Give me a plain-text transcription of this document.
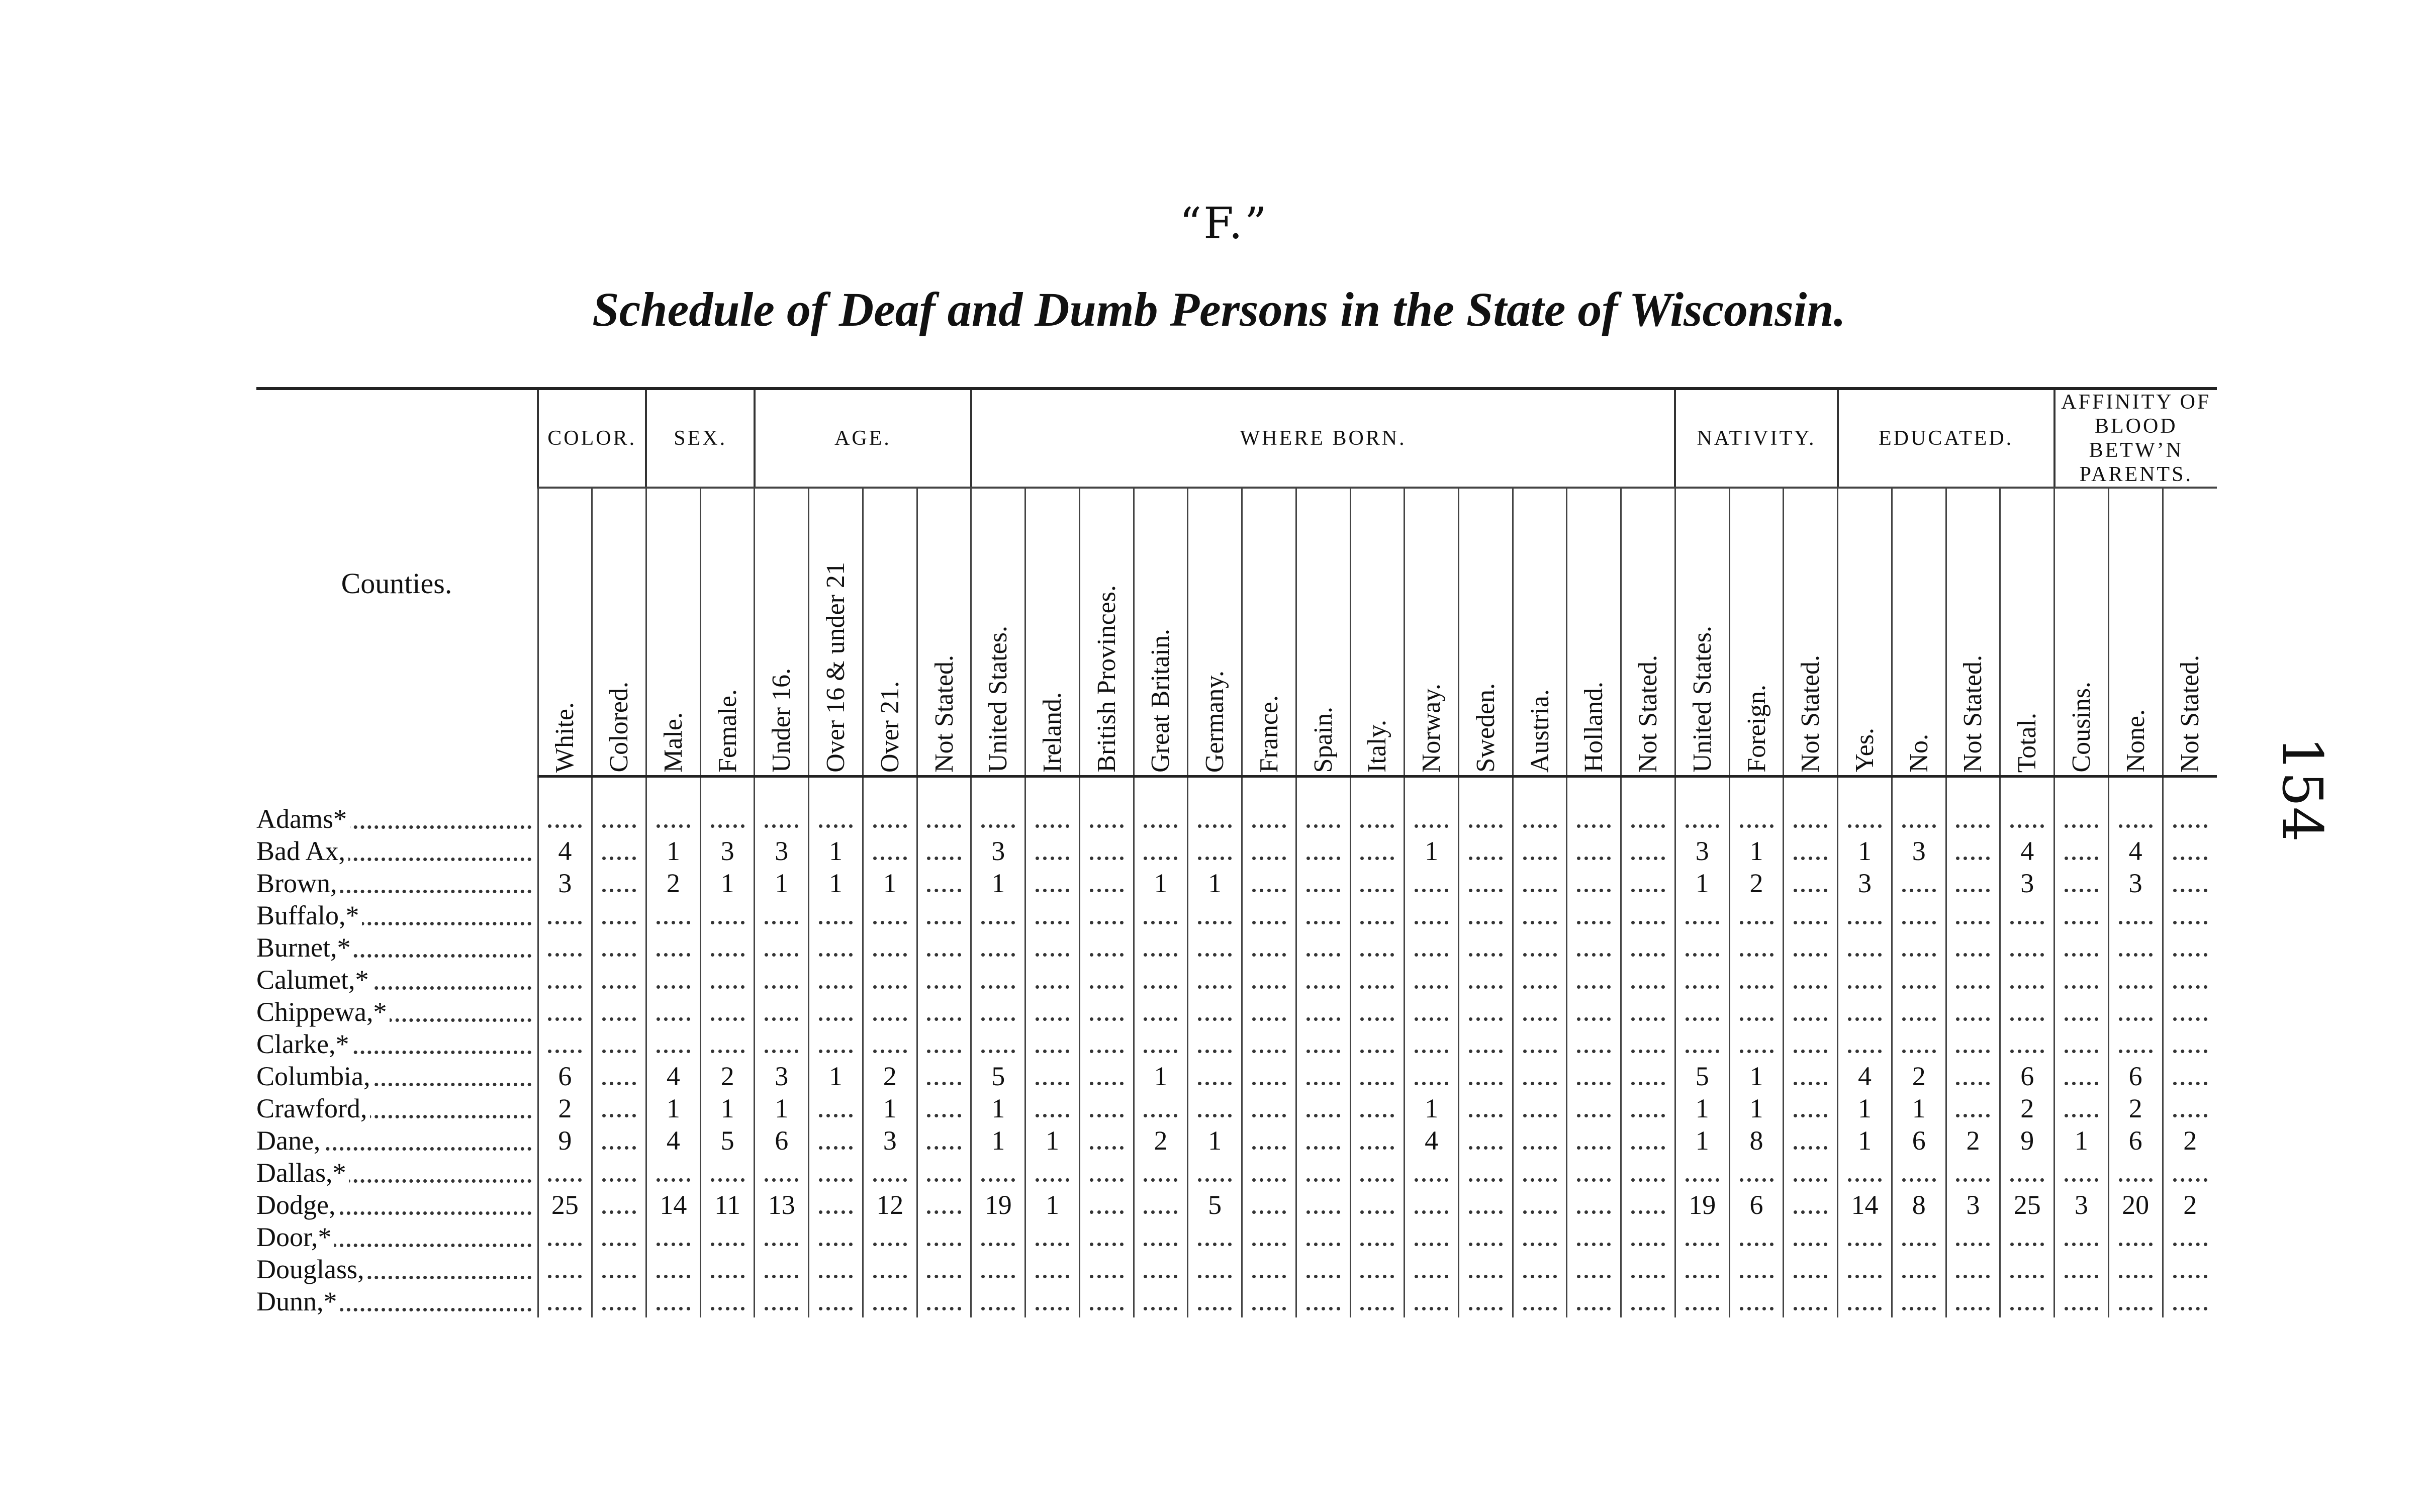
“F.”
Schedule of Deaf and Dumb Persons in the State of Wisconsin.
154

Counties.	COLOR.		SEX.		AGE.				WHERE BORN.													NATIVITY.			EDUCATED.				AFFINITY OF BLOOD BETW’N PARENTS.		
	White.	Colored.	Male.	Female.	Under 16.	Over 16 & under 21	Over 21.	Not Stated.	United States.	Ireland.	British Provinces.	Great Britain.	Germany.	France.	Spain.	Italy.	Norway.	Sweden.	Austria.	Holland.	Not Stated.	United States.	Foreign.	Not Stated.	Yes.	No.	Not Stated.	Total.	Cousins.	None.	Not Stated.

Adams*																															
Bad Ax,	4		1	3	3	1			3								1					3	1		1	3		4		4	
Brown,	3		2	1	1	1	1		1			1	1									1	2		3			3		3	
Buffalo,*																															
Burnet,*																															
Calumet,*																															
Chippewa,*																															
Clarke,*																															
Columbia,	6		4	2	3	1	2		5			1										5	1		4	2		6		6	
Crawford,	2		1	1	1		1		1								1					1	1		1	1		2		2	
Dane,	9		4	5	6		3		1	1		2	1				4					1	8		1	6	2	9	1	6	2
Dallas,*																															
Dodge,	25		14	11	13		12		19	1			5									19	6		14	8	3	25	3	20	2
Door,*																															
Douglass,																															
Dunn,*																															
